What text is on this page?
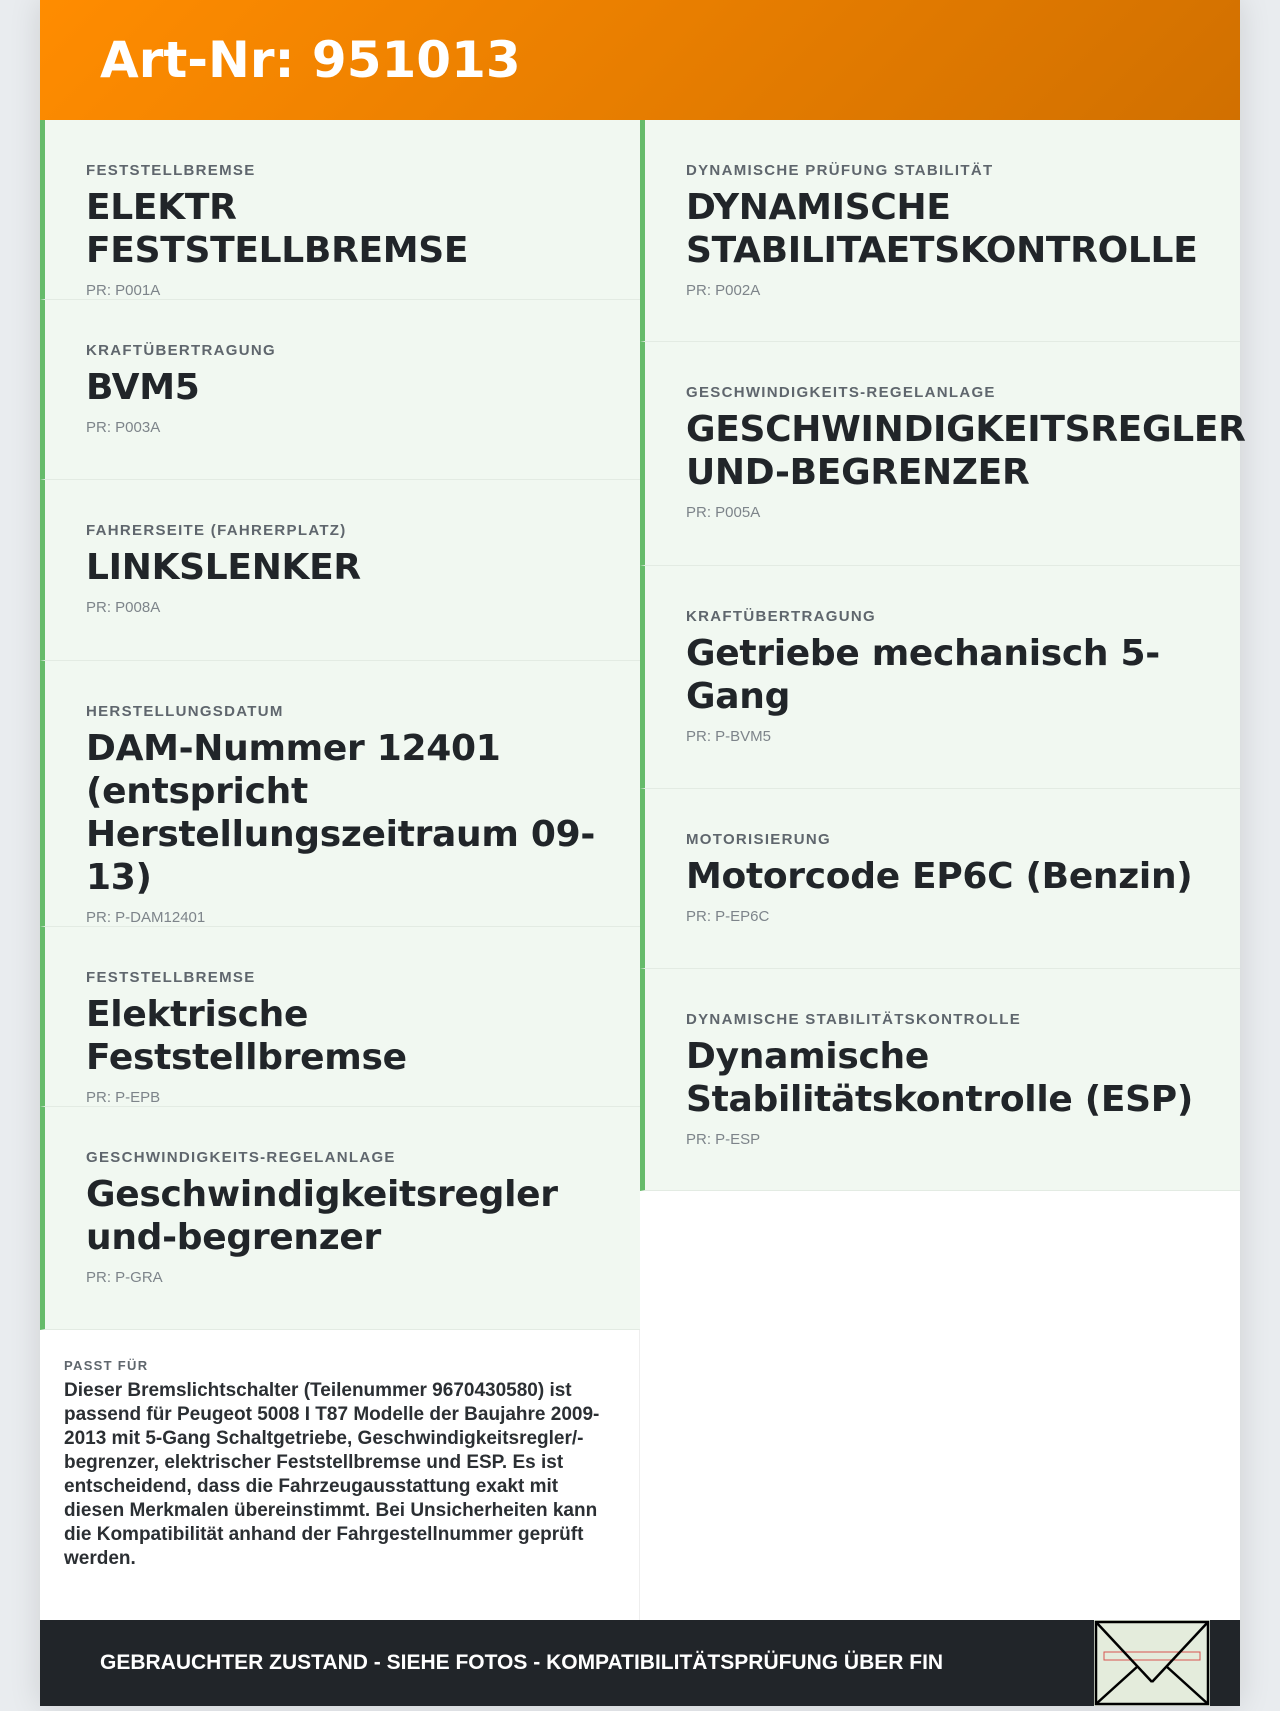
Art-Nr: 951013
FESTSTELLBREMSE
ELEKTR FESTSTELLBREMSE
PR: P001A
KRAFTÜBERTRAGUNG
BVM5
PR: P003A
FAHRERSEITE (FAHRERPLATZ)
LINKSLENKER
PR: P008A
HERSTELLUNGSDATUM
DAM-Nummer 12401 (entspricht Herstellungszeitraum 09-13)
PR: P-DAM12401
FESTSTELLBREMSE
Elektrische Feststellbremse
PR: P-EPB
GESCHWINDIGKEITS-REGELANLAGE
Geschwindigkeitsregler und-begrenzer
PR: P-GRA
PASST FÜR

Dieser Bremslichtschalter (Teilenummer 9670430580) ist passend für Peugeot 5008 I T87 Modelle der Baujahre 2009-2013 mit 5-Gang Schaltgetriebe, Geschwindigkeitsregler/-begrenzer, elektrischer Feststellbremse und ESP. Es ist entscheidend, dass die Fahrzeugausstattung exakt mit diesen Merkmalen übereinstimmt. Bei Unsicherheiten kann die Kompatibilität anhand der Fahrgestellnummer geprüft werden.

DYNAMISCHE PRÜFUNG STABILITÄT
DYNAMISCHE STABILITAETSKONTROLLE
PR: P002A
GESCHWINDIGKEITS-REGELANLAGE
GESCHWINDIGKEITSREGLER UND-BEGRENZER
PR: P005A
KRAFTÜBERTRAGUNG
Getriebe mechanisch 5-Gang
PR: P-BVM5
MOTORISIERUNG
Motorcode EP6C (Benzin)
PR: P-EP6C
DYNAMISCHE STABILITÄTSKONTROLLE
Dynamische Stabilitätskontrolle (ESP)
PR: P-ESP
GEBRAUCHTER ZUSTAND - SIEHE FOTOS - KOMPATIBILITÄTSPRÜFUNG ÜBER FIN
